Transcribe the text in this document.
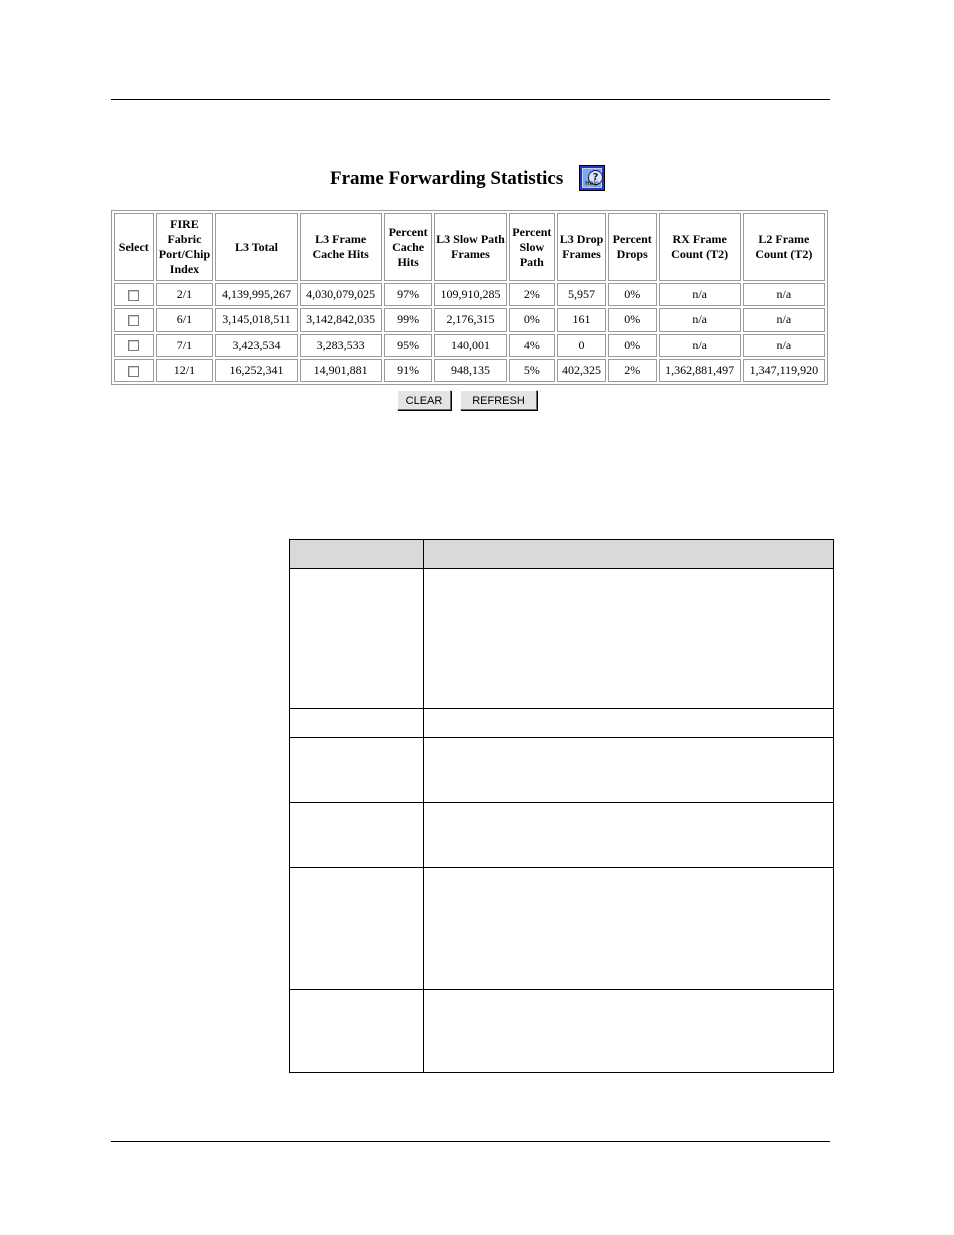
Frame Forwarding Statistics	?
Help
Select	FIRE Fabric Port/Chip Index	L3 Total	L3 Frame Cache Hits	Percent Cache Hits	L3 Slow Path Frames	Percent Slow Path	L3 Drop Frames	Percent Drops	RX Frame Count (T2)	L2 Frame Count (T2)
	2/1	4,139,995,267	4,030,079,025	97%	109,910,285	2%	5,957	0%	n/a	n/a
	6/1	3,145,018,511	3,142,842,035	99%	2,176,315	0%	161	0%	n/a	n/a
	7/1	3,423,534	3,283,533	95%	140,001	4%	0	0%	n/a	n/a
	12/1	16,252,341	14,901,881	91%	948,135	5%	402,325	2%	1,362,881,497	1,347,119,920
CLEAR	REFRESH
